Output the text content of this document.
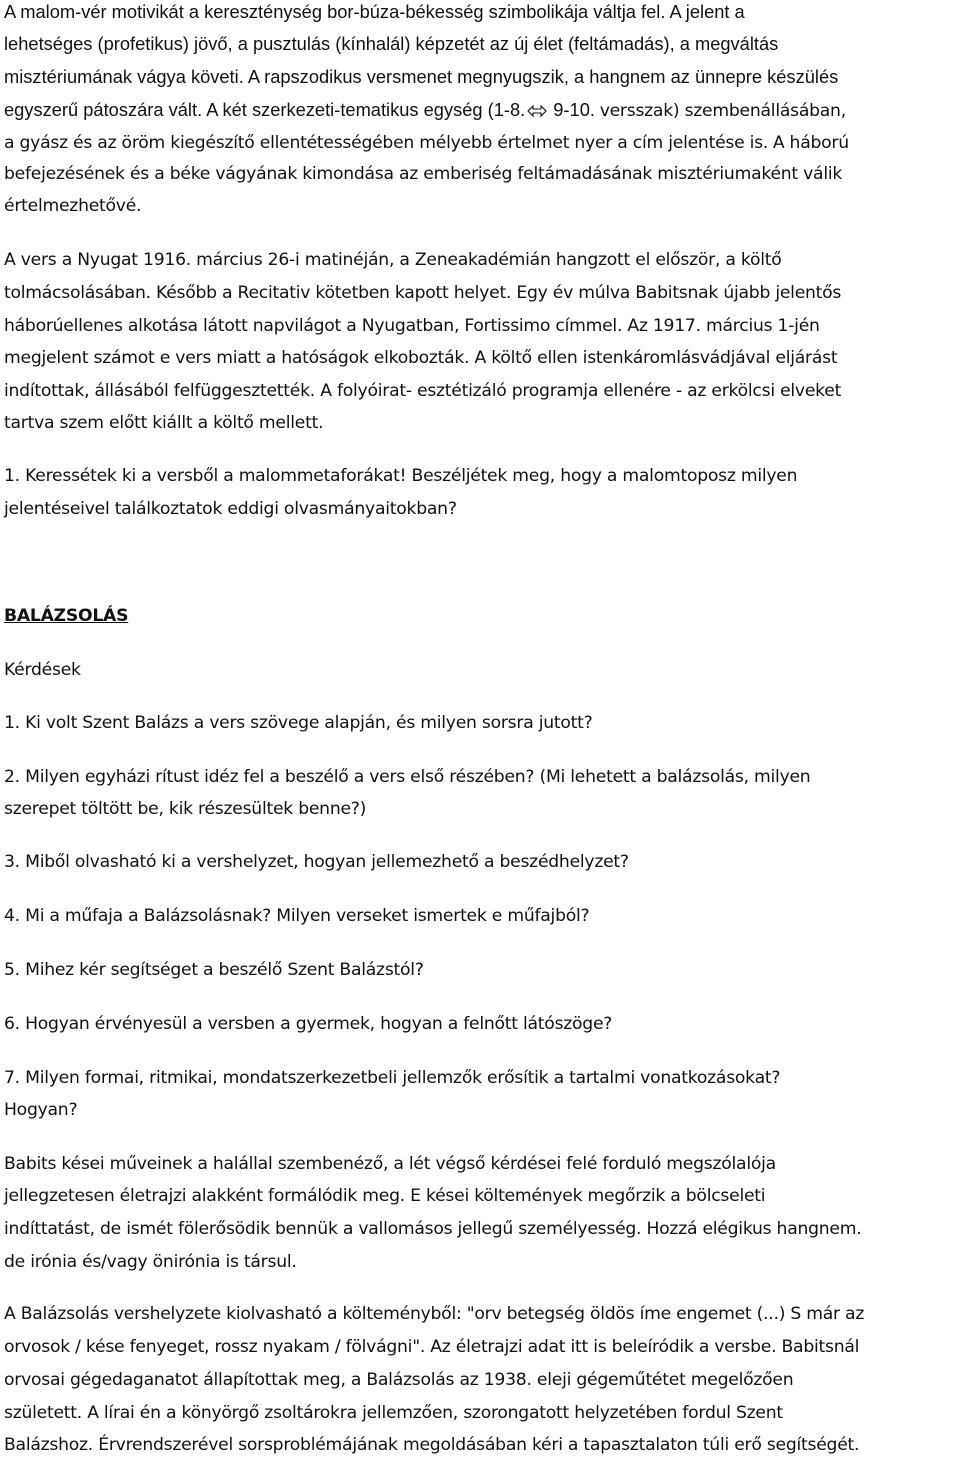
A malom-vér motivikát a kereszténység bor-búza-békesség szimbolikája váltja fel. A jelent a
lehetséges (profetikus) jövő, a pusztulás (kínhalál) képzetét az új élet (feltámadás), a megváltás
misztériumának vágya követi. A rapszodikus versmenet megnyugszik, a hangnem az ünnepre készülés
egyszerű pátoszára vált. A két szerkezeti-tematikus egység (1-8. 9-10. versszak) szembenállásában,
a gyász és az öröm kiegészítő ellentétességében mélyebb értelmet nyer a cím jelentése is. A háború
befejezésének és a béke vágyának kimondása az emberiség feltámadásának misztériumaként válik
értelmezhetővé.
A vers a Nyugat 1916. március 26-i matinéján, a Zeneakadémián hangzott el először, a költő
tolmácsolásában. Később a Recitativ kötetben kapott helyet. Egy év múlva Babitsnak újabb jelentős
háborúellenes alkotása látott napvilágot a Nyugatban, Fortissimo címmel. Az 1917. március 1-jén
megjelent számot e vers miatt a hatóságok elkobozták. A költő ellen istenkáromlásvádjával eljárást
indítottak, állásából felfüggesztették. A folyóirat- esztétizáló programja ellenére - az erkölcsi elveket
tartva szem előtt kiállt a költő mellett.
1. Keressétek ki a versből a malommetaforákat! Beszéljétek meg, hogy a malomtoposz milyen
jelentéseivel találkoztatok eddigi olvasmányaitokban?
BALÁZSOLÁS
Kérdések
1. Ki volt Szent Balázs a vers szövege alapján, és milyen sorsra jutott?
2. Milyen egyházi rítust idéz fel a beszélő a vers első részében? (Mi lehetett a balázsolás, milyen
szerepet töltött be, kik részesültek benne?)
3. Miből olvasható ki a vershelyzet, hogyan jellemezhető a beszédhelyzet?
4. Mi a műfaja a Balázsolásnak? Milyen verseket ismertek e műfajból?
5. Mihez kér segítséget a beszélő Szent Balázstól?
6. Hogyan érvényesül a versben a gyermek, hogyan a felnőtt látószöge?
7. Milyen formai, ritmikai, mondatszerkezetbeli jellemzők erősítik a tartalmi vonatkozásokat?
Hogyan?
Babits kései műveinek a halállal szembenéző, a lét végső kérdései felé forduló megszólalója
jellegzetesen életrajzi alakként formálódik meg. E kései költemények megőrzik a bölcseleti
indíttatást, de ismét fölerősödik bennük a vallomásos jellegű személyesség. Hozzá elégikus hangnem.
de irónia és/vagy önirónia is társul.
A Balázsolás vershelyzete kiolvasható a költeményből: "orv betegség öldös íme engemet (...) S már az
orvosok / kése fenyeget, rossz nyakam / fölvágni". Az életrajzi adat itt is beleíródik a versbe. Babitsnál
orvosai gégedaganatot állapítottak meg, a Balázsolás az 1938. eleji gégeműtétet megelőzően
született. A lírai én a könyörgő zsoltárokra jellemzően, szorongatott helyzetében fordul Szent
Balázshoz. Érvrendszerével sorsproblémájának megoldásában kéri a tapasztalaton túli erő segítségét.
